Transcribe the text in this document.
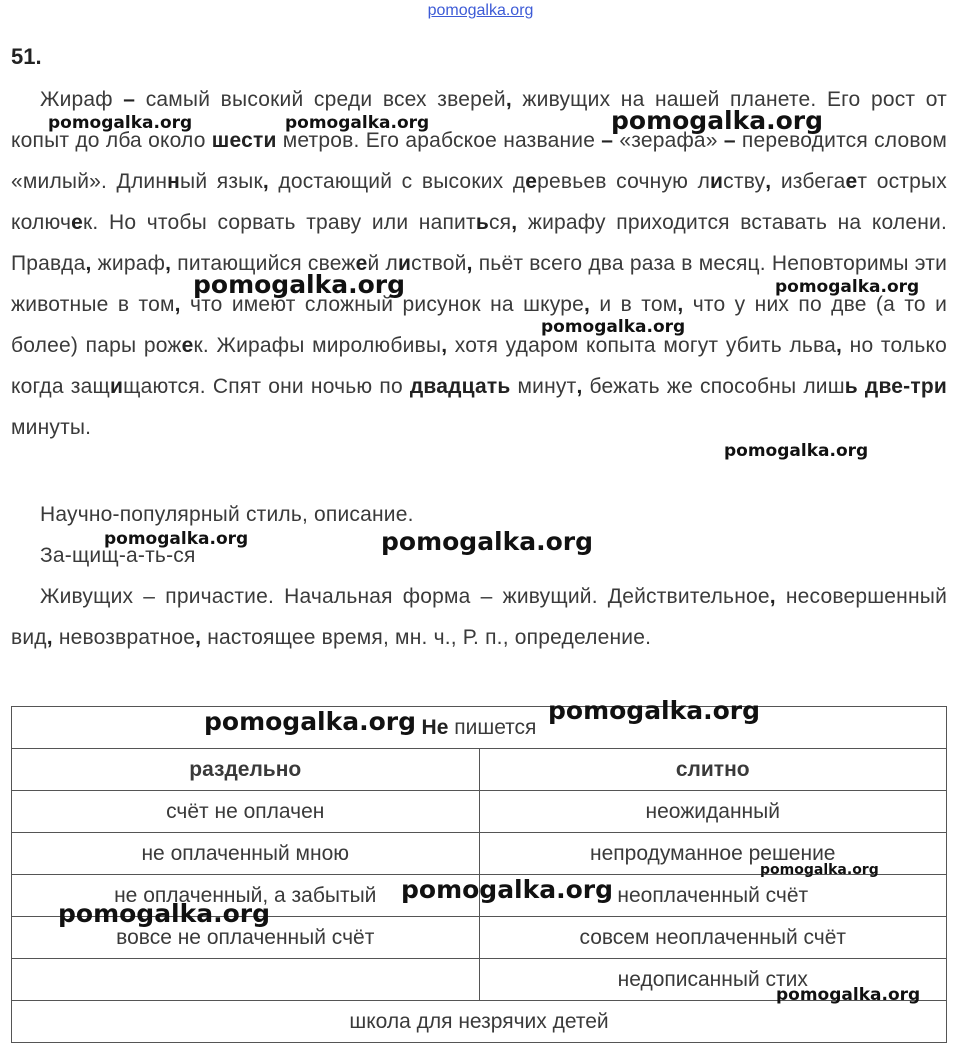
pomogalka.org
51.
Жираф – самый высокий среди всех зверей, живущих на нашей планете. Его рост от копыт до лба около шести метров. Его арабское название – «зерафа» – переводится словом «милый». Длинный язык, достающий с высоких деревьев сочную листву, избегает острых колючек. Но чтобы сорвать траву или напиться, жирафу приходится вставать на колени. Правда, жираф, питающийся свежей листвой, пьёт всего два раза в месяц. Неповторимы эти животные в том, что имеют сложный рисунок на шкуре, и в том, что у них по две (а то и более) пары рожек. Жирафы миролюбивы, хотя ударом копыта могут убить льва, но только когда защищаются. Спят они ночью по двадцать минут, бежать же способны лишь две-три минуты.
Научно-популярный стиль, описание.
За-щищ-а-ть-ся
Живущих – причастие. Начальная форма – живущий. Действительное, несовершенный вид, невозвратное, настоящее время, мн. ч., Р. п., определение.
Не пишется	
раздельно	слитно
счёт не оплачен	неожиданный
не оплаченный мною	непродуманное решение
не оплаченный, а забытый	неоплаченный счёт
вовсе не оплаченный счёт	совсем неоплаченный счёт
	недописанный стих
школа для незрячих детей	
pomogalka.org	pomogalka.org	pomogalka.org
pomogalka.org
pomogalka.org
pomogalka.org
pomogalka.org
pomogalka.org	pomogalka.org
pomogalka.org	pomogalka.org
pomogalka.org
pomogalka.org
pomogalka.org
pomogalka.org
